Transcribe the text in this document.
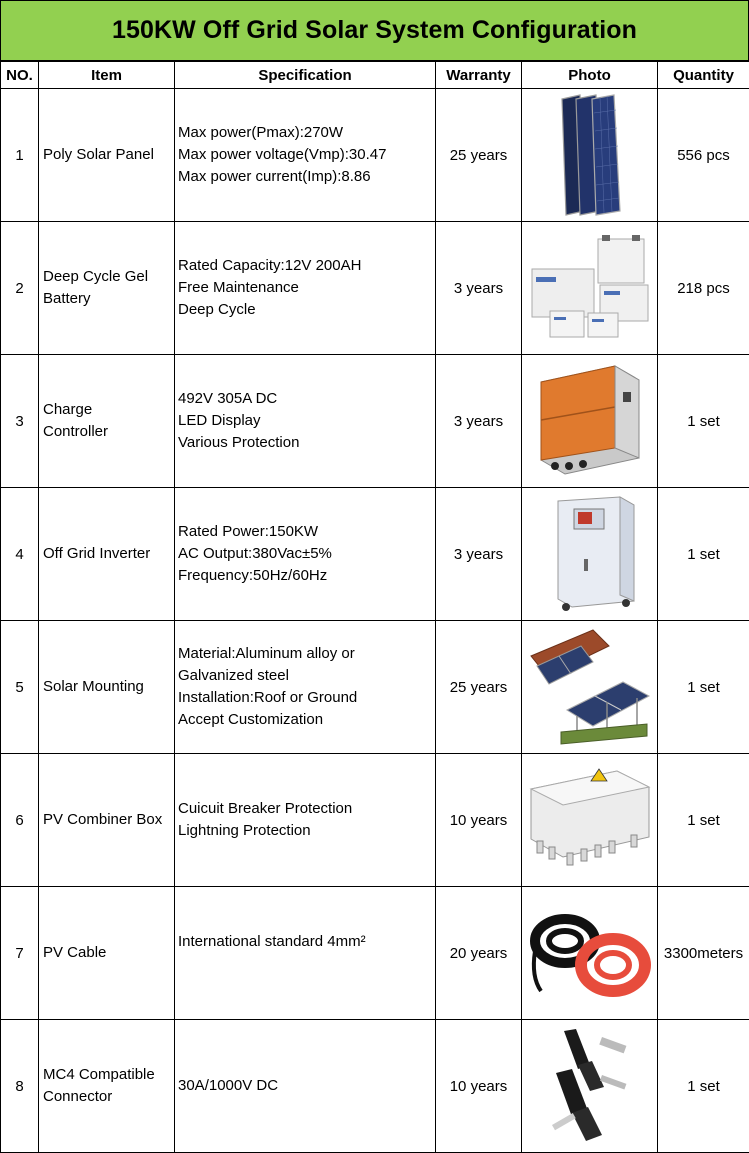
150KW Off Grid Solar System Configuration
NO.	Item	Specification	Warranty	Photo	Quantity
1	Poly Solar Panel	Max power(Pmax):270W
Max power voltage(Vmp):30.47
Max power current(Imp):8.86	25 years		556 pcs
2	Deep Cycle Gel
Battery	Rated Capacity:12V 200AH
Free Maintenance
Deep Cycle	3 years		218 pcs
3	Charge
Controller	492V 305A DC
LED Display
Various Protection	3 years		1 set
4	Off Grid Inverter	Rated Power:150KW
AC Output:380Vac±5%
Frequency:50Hz/60Hz	3 years		1 set
5	Solar Mounting	Material:Aluminum alloy or
Galvanized steel
Installation:Roof or Ground
Accept Customization	25 years		1 set
6	PV Combiner Box	Cuicuit Breaker Protection
Lightning Protection	10 years		1 set
7	PV Cable	International standard 4mm²	20 years		3300meters
8	MC4 Compatible
Connector	30A/1000V DC	10 years		1 set
